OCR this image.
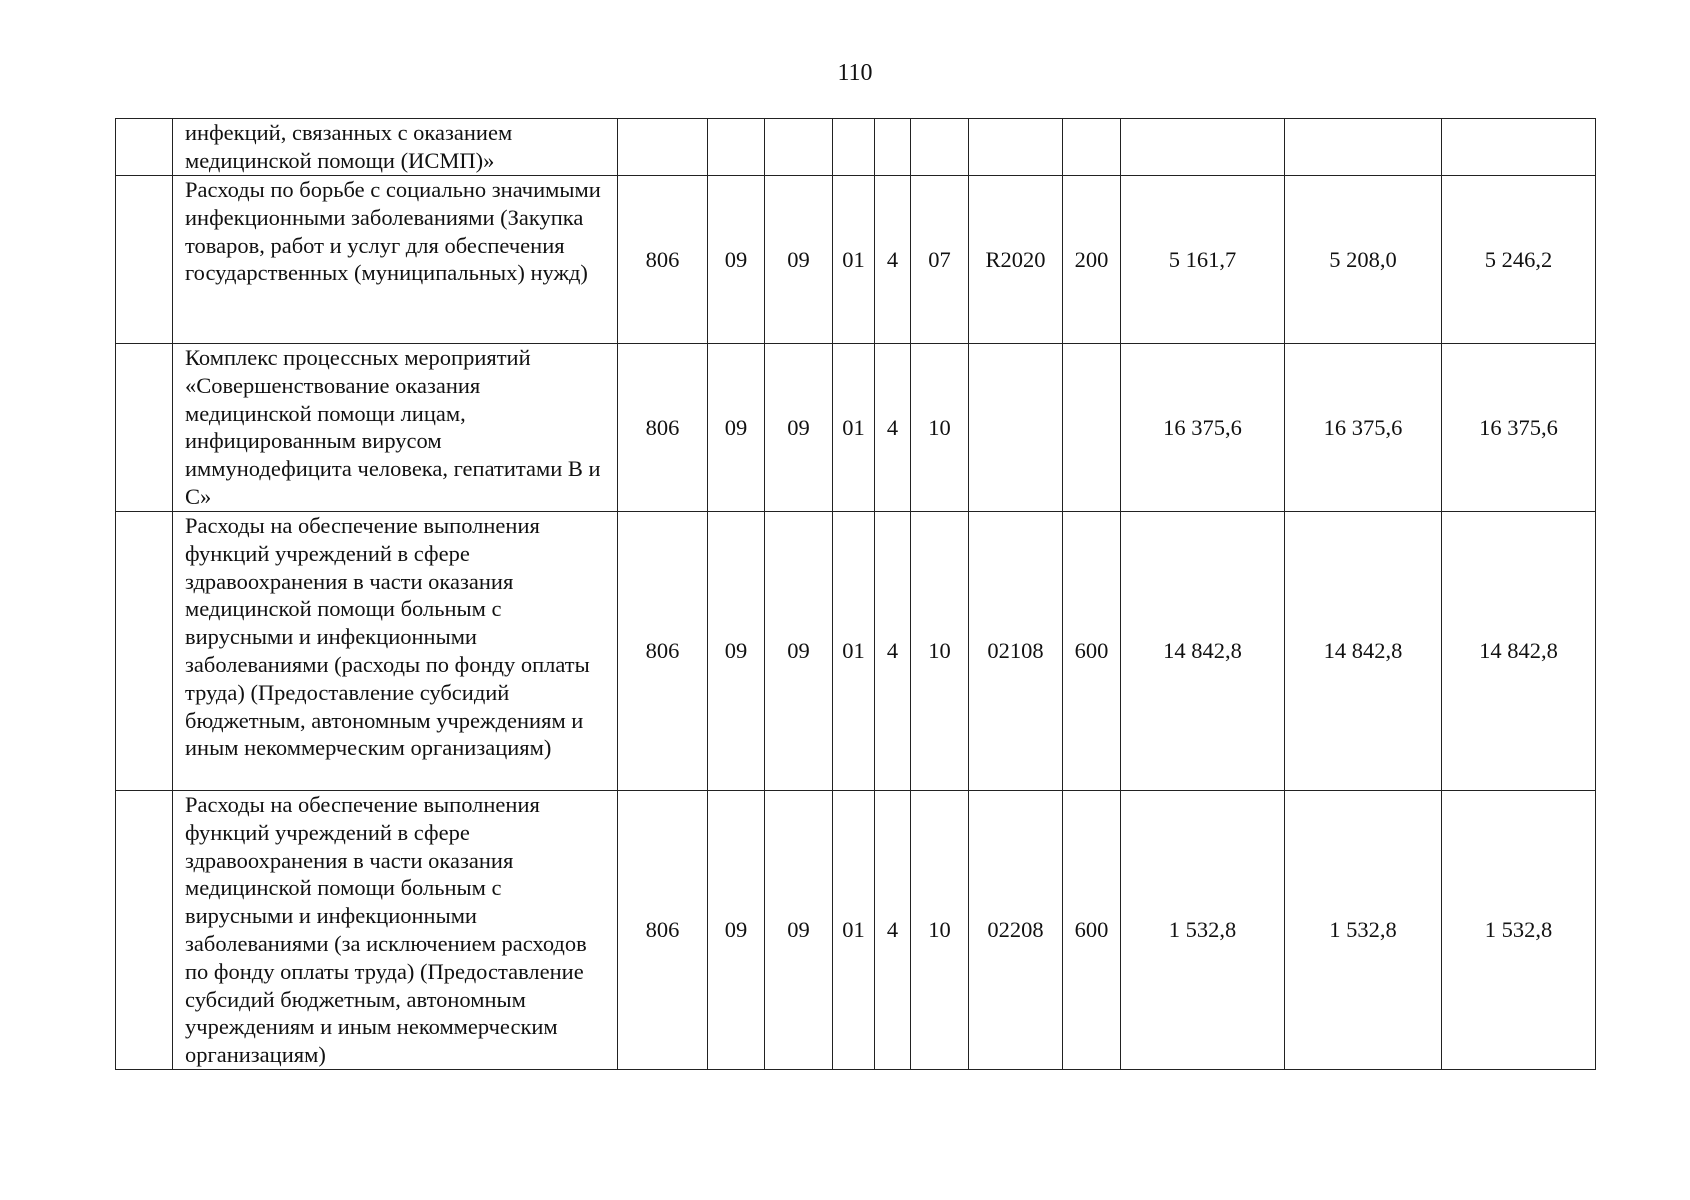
110
	инфекций, связанных с оказанием медицинской помощи (ИСМП)»											
	Расходы по борьбе с социально значимыми инфекционными заболеваниями (Закупка товаров, работ и услуг для обеспечения государственных (муниципальных) нужд)	806	09	09	01	4	07	R2020	200	5 161,7	5 208,0	5 246,2
	Комплекс процессных мероприятий «Совершенствование оказания медицинской помощи лицам, инфицированным вирусом иммунодефицита человека, гепатитами В и С»	806	09	09	01	4	10			16 375,6	16 375,6	16 375,6
	Расходы на обеспечение выполнения функций учреждений в сфере здравоохранения в части оказания медицинской помощи больным с вирусными и инфекционными заболеваниями (расходы по фонду оплаты труда) (Предоставление субсидий бюджетным, автономным учреждениям и иным некоммерческим организациям)	806	09	09	01	4	10	02108	600	14 842,8	14 842,8	14 842,8
	Расходы на обеспечение выполнения функций учреждений в сфере здравоохранения в части оказания медицинской помощи больным с вирусными и инфекционными заболеваниями (за исключением расходов по фонду оплаты труда) (Предоставление субсидий бюджетным, автономным учреждениям и иным некоммерческим организациям)	806	09	09	01	4	10	02208	600	1 532,8	1 532,8	1 532,8
